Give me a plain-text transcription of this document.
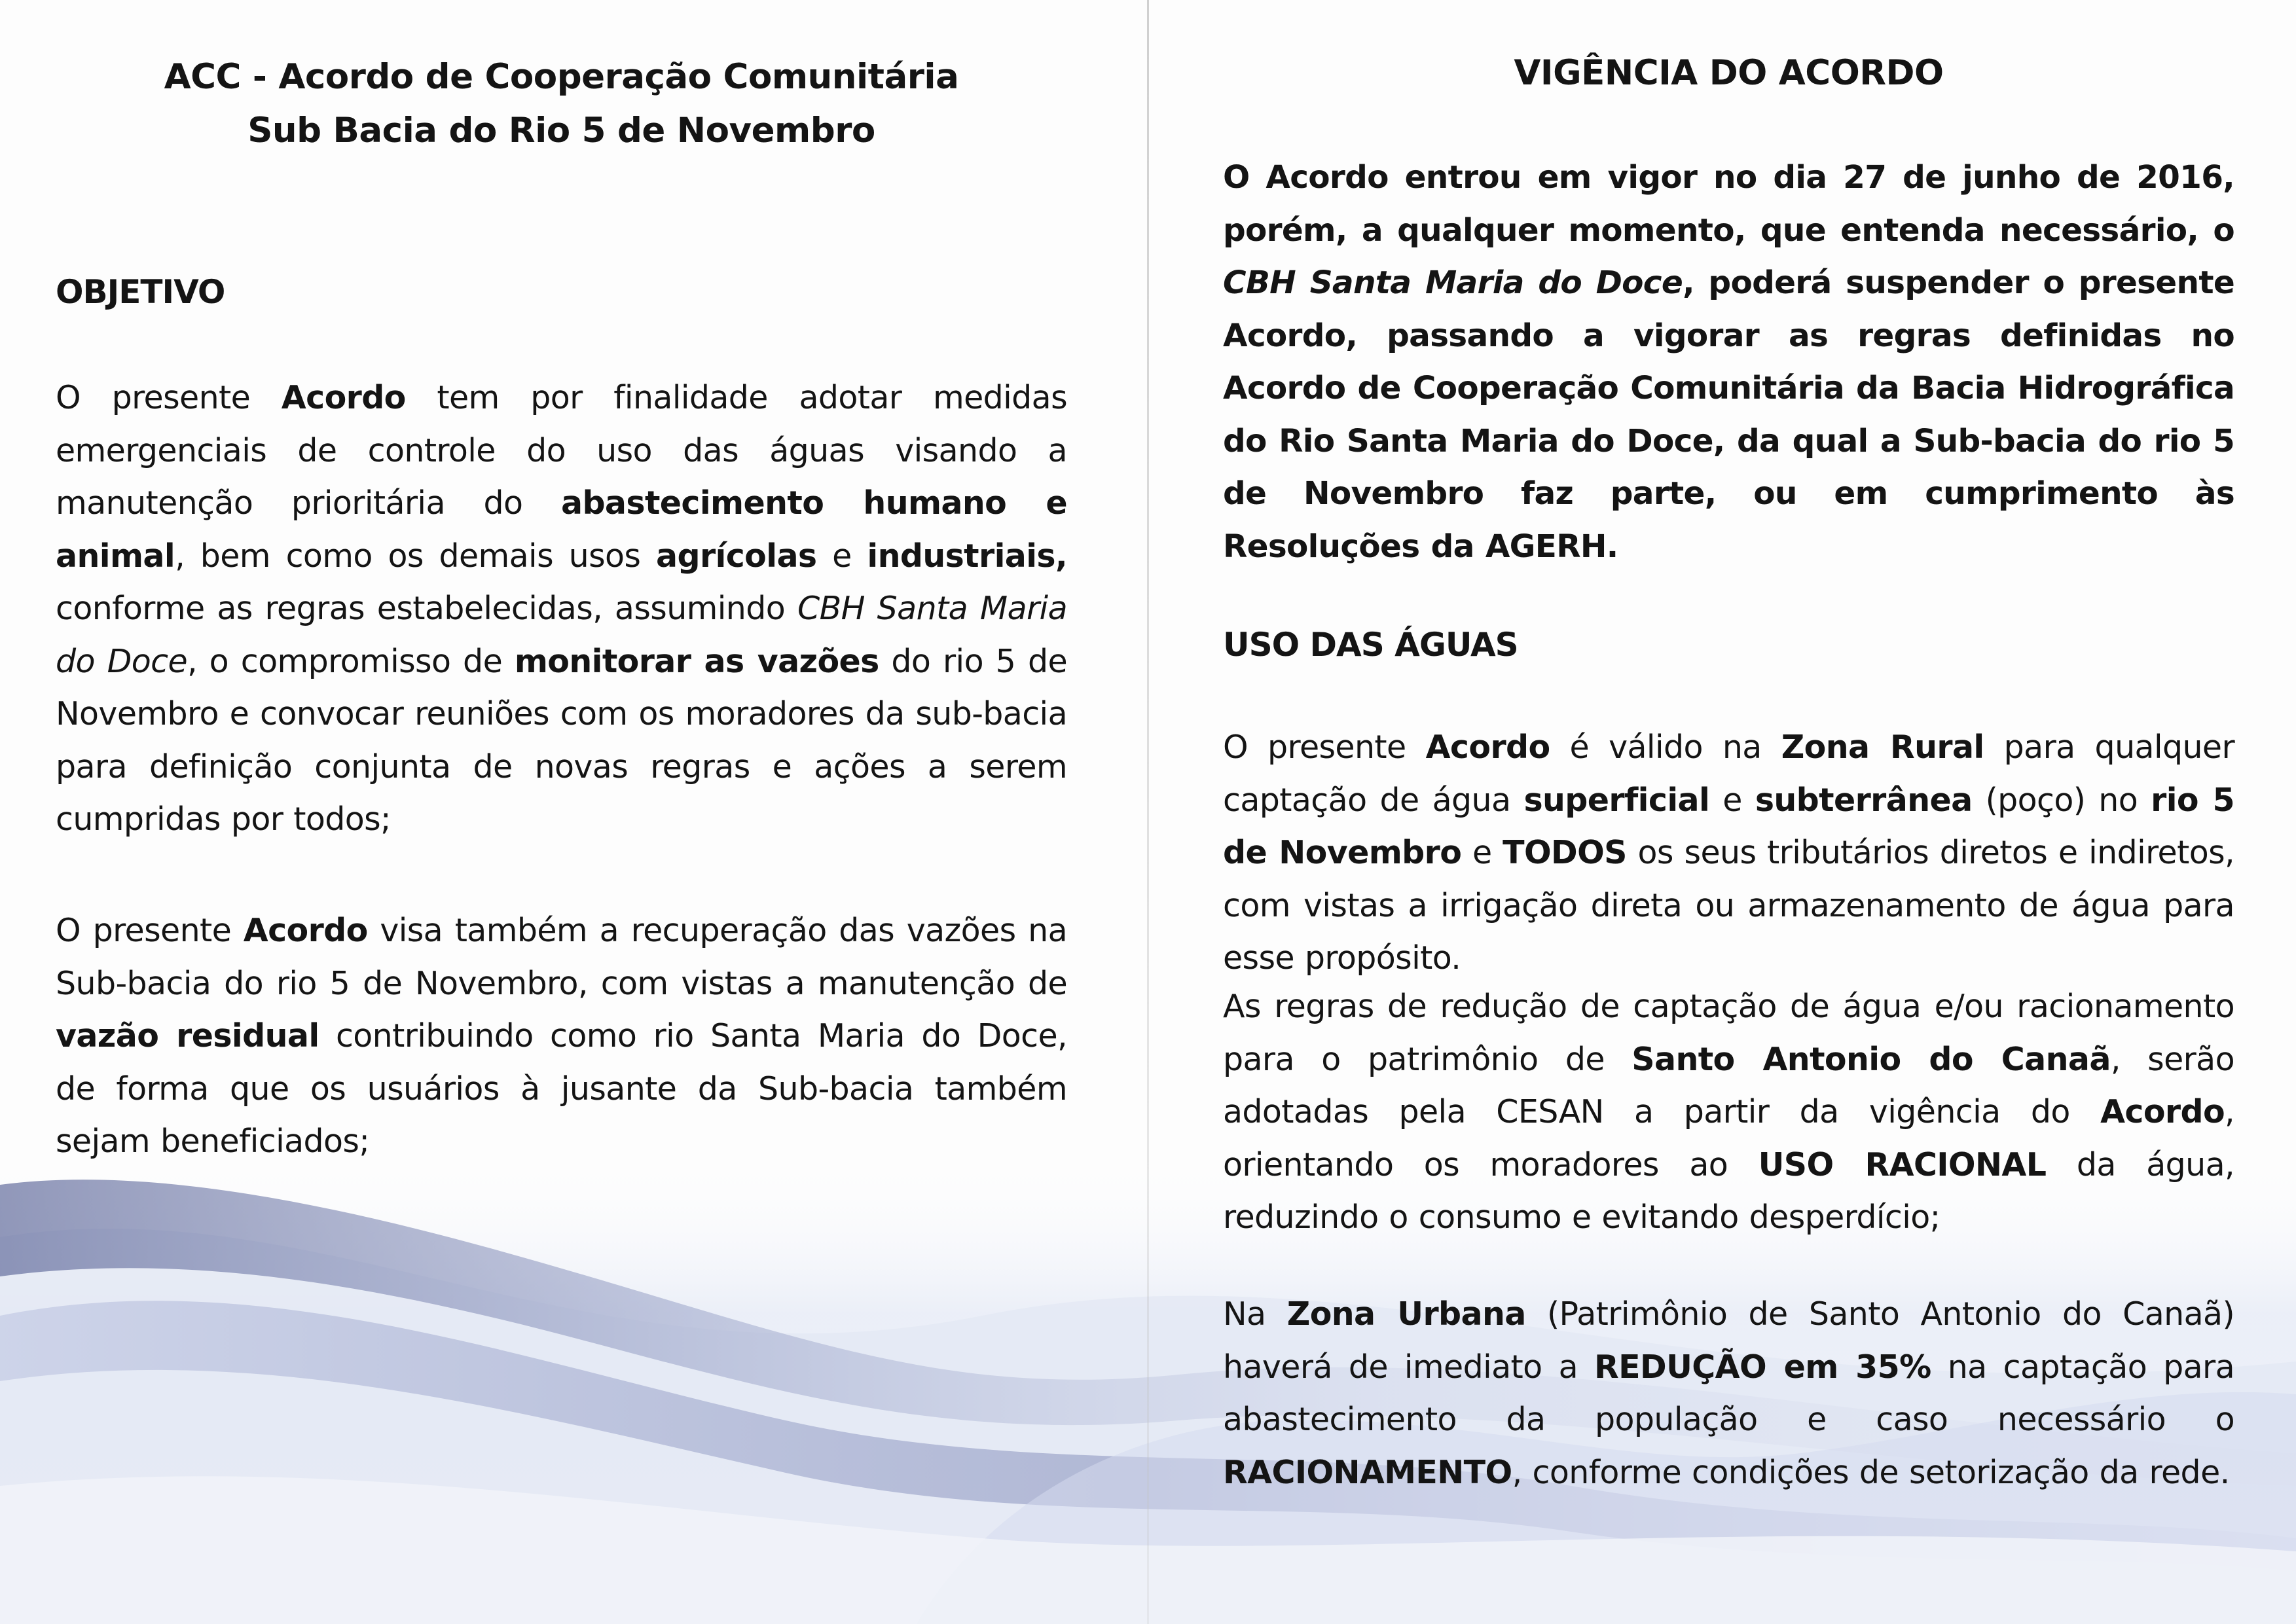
ACC - Acordo de Cooperação Comunitária
Sub Bacia do Rio 5 de Novembro
OBJETIVO

O presente Acordo tem por finalidade adotar medidas emergenciais de controle do uso das águas visando a manutenção prioritária do abastecimento humano e animal, bem como os demais usos agrícolas e industriais, conforme as regras estabelecidas, assumindo CBH Santa Maria do Doce, o compromisso de monitorar as vazões do rio 5 de Novembro e convocar reuniões com os moradores da sub-bacia para definição conjunta de novas regras e ações a serem cumpridas por todos;

O presente Acordo visa também a recuperação das vazões na Sub-bacia do rio 5 de Novembro, com vistas a manutenção de vazão residual contribuindo como rio Santa Maria do Doce, de forma que os usuários à jusante da Sub-bacia também sejam beneficiados;

VIGÊNCIA DO ACORDO

O Acordo entrou em vigor no dia 27 de junho de 2016, porém, a qualquer momento, que entenda necessário, o CBH Santa Maria do Doce, poderá suspender o presente Acordo, passando a vigorar as regras definidas no Acordo de Cooperação Comunitária da Bacia Hidrográfica do Rio Santa Maria do Doce, da qual a Sub-bacia do rio 5 de Novembro faz parte, ou em cumprimento às Resoluções da AGERH.

USO DAS ÁGUAS

O presente Acordo é válido na Zona Rural para qualquer captação de água superficial e subterrânea (poço) no rio 5 de Novembro e TODOS os seus tributários diretos e indiretos, com vistas a irrigação direta ou armazenamento de água para esse propósito.

As regras de redução de captação de água e/ou racionamento para o patrimônio de Santo Antonio do Canaã, serão adotadas pela CESAN a partir da vigência do Acordo, orientando os moradores ao USO RACIONAL da água, reduzindo o consumo e evitando desperdício;

Na Zona Urbana (Patrimônio de Santo Antonio do Canaã) haverá de imediato a REDUÇÃO em 35% na captação para abastecimento da população e caso necessário o RACIONAMENTO, conforme condições de setorização da rede.
